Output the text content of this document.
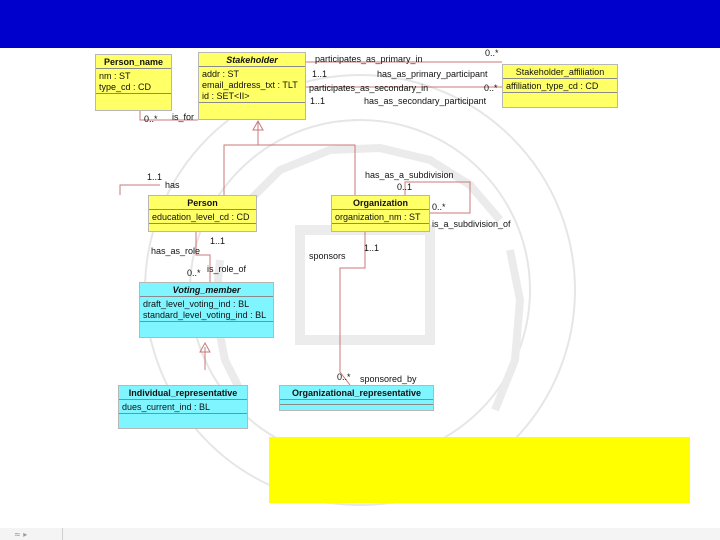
Person_name
nm : ST
type_cd : CD
Stakeholder
addr : ST
email_address_txt : TLT
id : SET<II>
Stakeholder_affiliation
affiliation_type_cd : CD
Person
education_level_cd : CD
Organization
organization_nm : ST
Voting_member
draft_level_voting_ind : BL
standard_level_voting_ind : BL
Individual_representative
dues_current_ind : BL
Organizational_representative
participates_as_primary_in
0..*
1..1	has_as_primary_participant
participates_as_secondary_in	0..*
1..1	has_as_secondary_participant
0..* is_for
1..1
has
has_as_a_subdivision
0..1
0..*
is_a_subdivision_of
1..1
has_as_role
0..* is_role_of
sponsors
1..1
0..* sponsored_by
≈ ▸
